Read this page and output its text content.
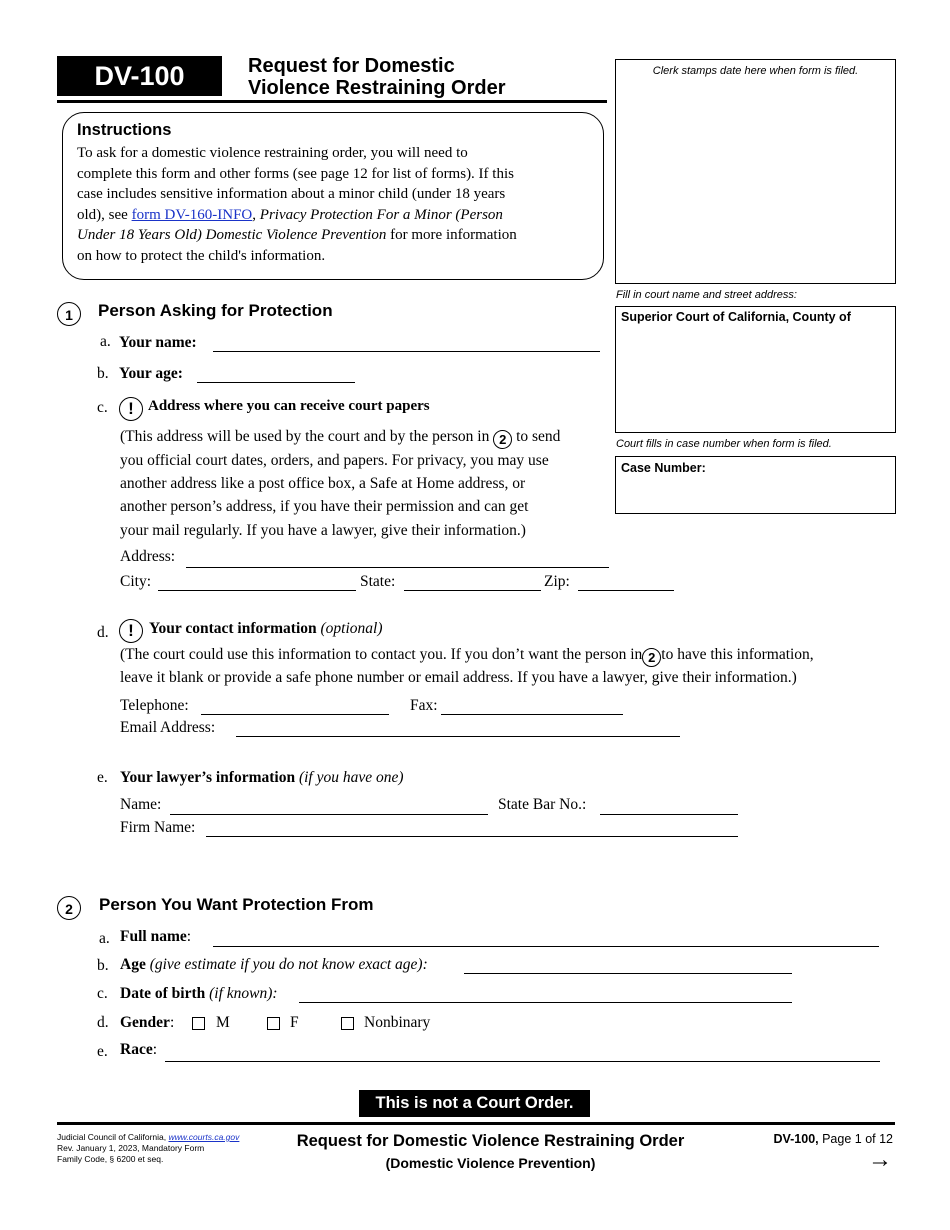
DV-100	Request for Domestic
Violence Restraining Order
Clerk stamps date here when form is filed.
Fill in court name and street address:
Superior Court of California, County of
Court fills in case number when form is filed.
Case Number:
Instructions
To ask for a domestic violence restraining order, you will need to
complete this form and other forms (see page 12 for list of forms). If this
case includes sensitive information about a minor child (under 18 years
old), see form DV-160-INFO, Privacy Protection For a Minor (Person
Under 18 Years Old) Domestic Violence Prevention for more information
on how to protect the child's information.
1	Person Asking for Protection
a. Your name:
b. Your age:
c.	! Address where you can receive court papers
(This address will be used by the court and by the person in 2 to send
you official court dates, orders, and papers. For privacy, you may use
another address like a post office box, a Safe at Home address, or
another person’s address, if you have their permission and can get
your mail regularly. If you have a lawyer, give their information.)
Address:
City:	State:	Zip:
d.	! Your contact information (optional)
(The court could use this information to contact you. If you don’t want the person in 2 to have this information,
leave it blank or provide a safe phone number or email address. If you have a lawyer, give their information.)
Telephone:	Fax:
Email Address:
e. Your lawyer’s information (if you have one)
Name:	State Bar No.:
Firm Name:
2	Person You Want Protection From
a. Full name:
b. Age (give estimate if you do not know exact age):
c. Date of birth (if known):
d. Gender:	M	F	Nonbinary
e. Race:
This is not a Court Order.
Judicial Council of California, www.courts.ca.gov
Rev. January 1, 2023, Mandatory Form
Family Code, § 6200 et seq.
Request for Domestic Violence Restraining Order
(Domestic Violence Prevention)
DV-100, Page 1 of 12
→
